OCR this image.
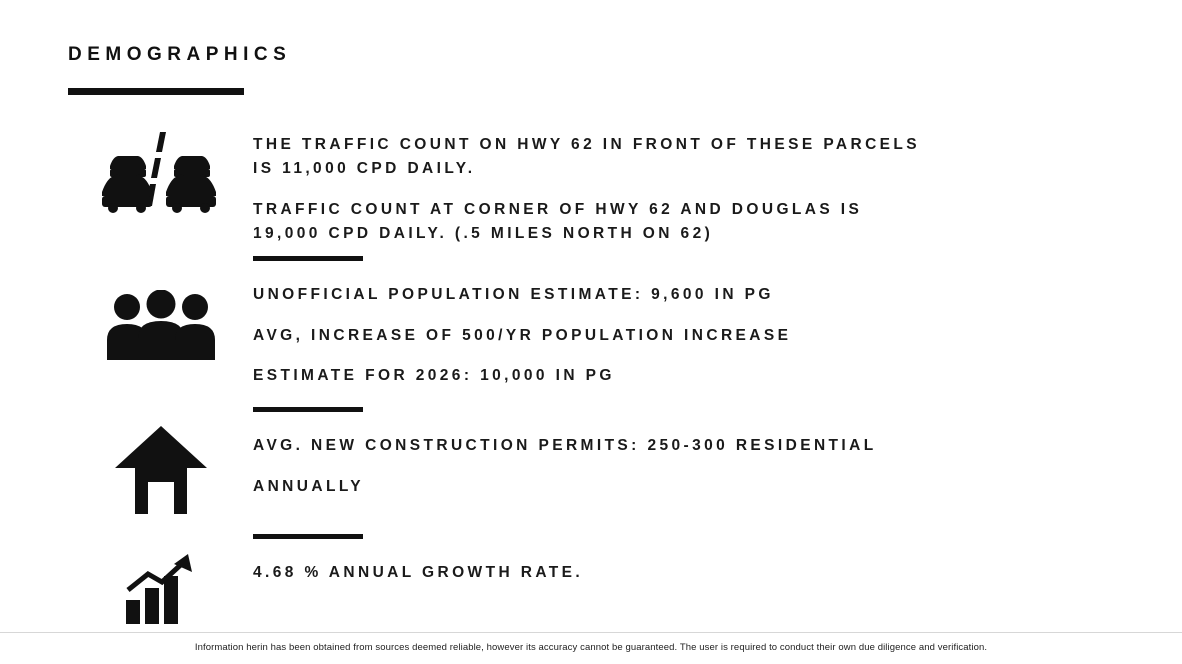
DEMOGRAPHICS

THE TRAFFIC COUNT ON HWY 62 IN FRONT OF THESE PARCELS
IS 11,000 CPD DAILY.

TRAFFIC COUNT AT CORNER OF HWY 62 AND DOUGLAS IS
19,000 CPD DAILY. (.5 MILES NORTH ON 62)

UNOFFICIAL POPULATION ESTIMATE: 9,600 IN PG
AVG, INCREASE OF 500/YR POPULATION INCREASE
ESTIMATE FOR 2026: 10,000 IN PG
AVG. NEW CONSTRUCTION PERMITS: 250-300 RESIDENTIAL
ANNUALLY
4.68 % ANNUAL GROWTH RATE.
Information herin has been obtained from sources deemed reliable, however its accuracy cannot be guaranteed. The user is required to conduct their own due diligence and verification.
